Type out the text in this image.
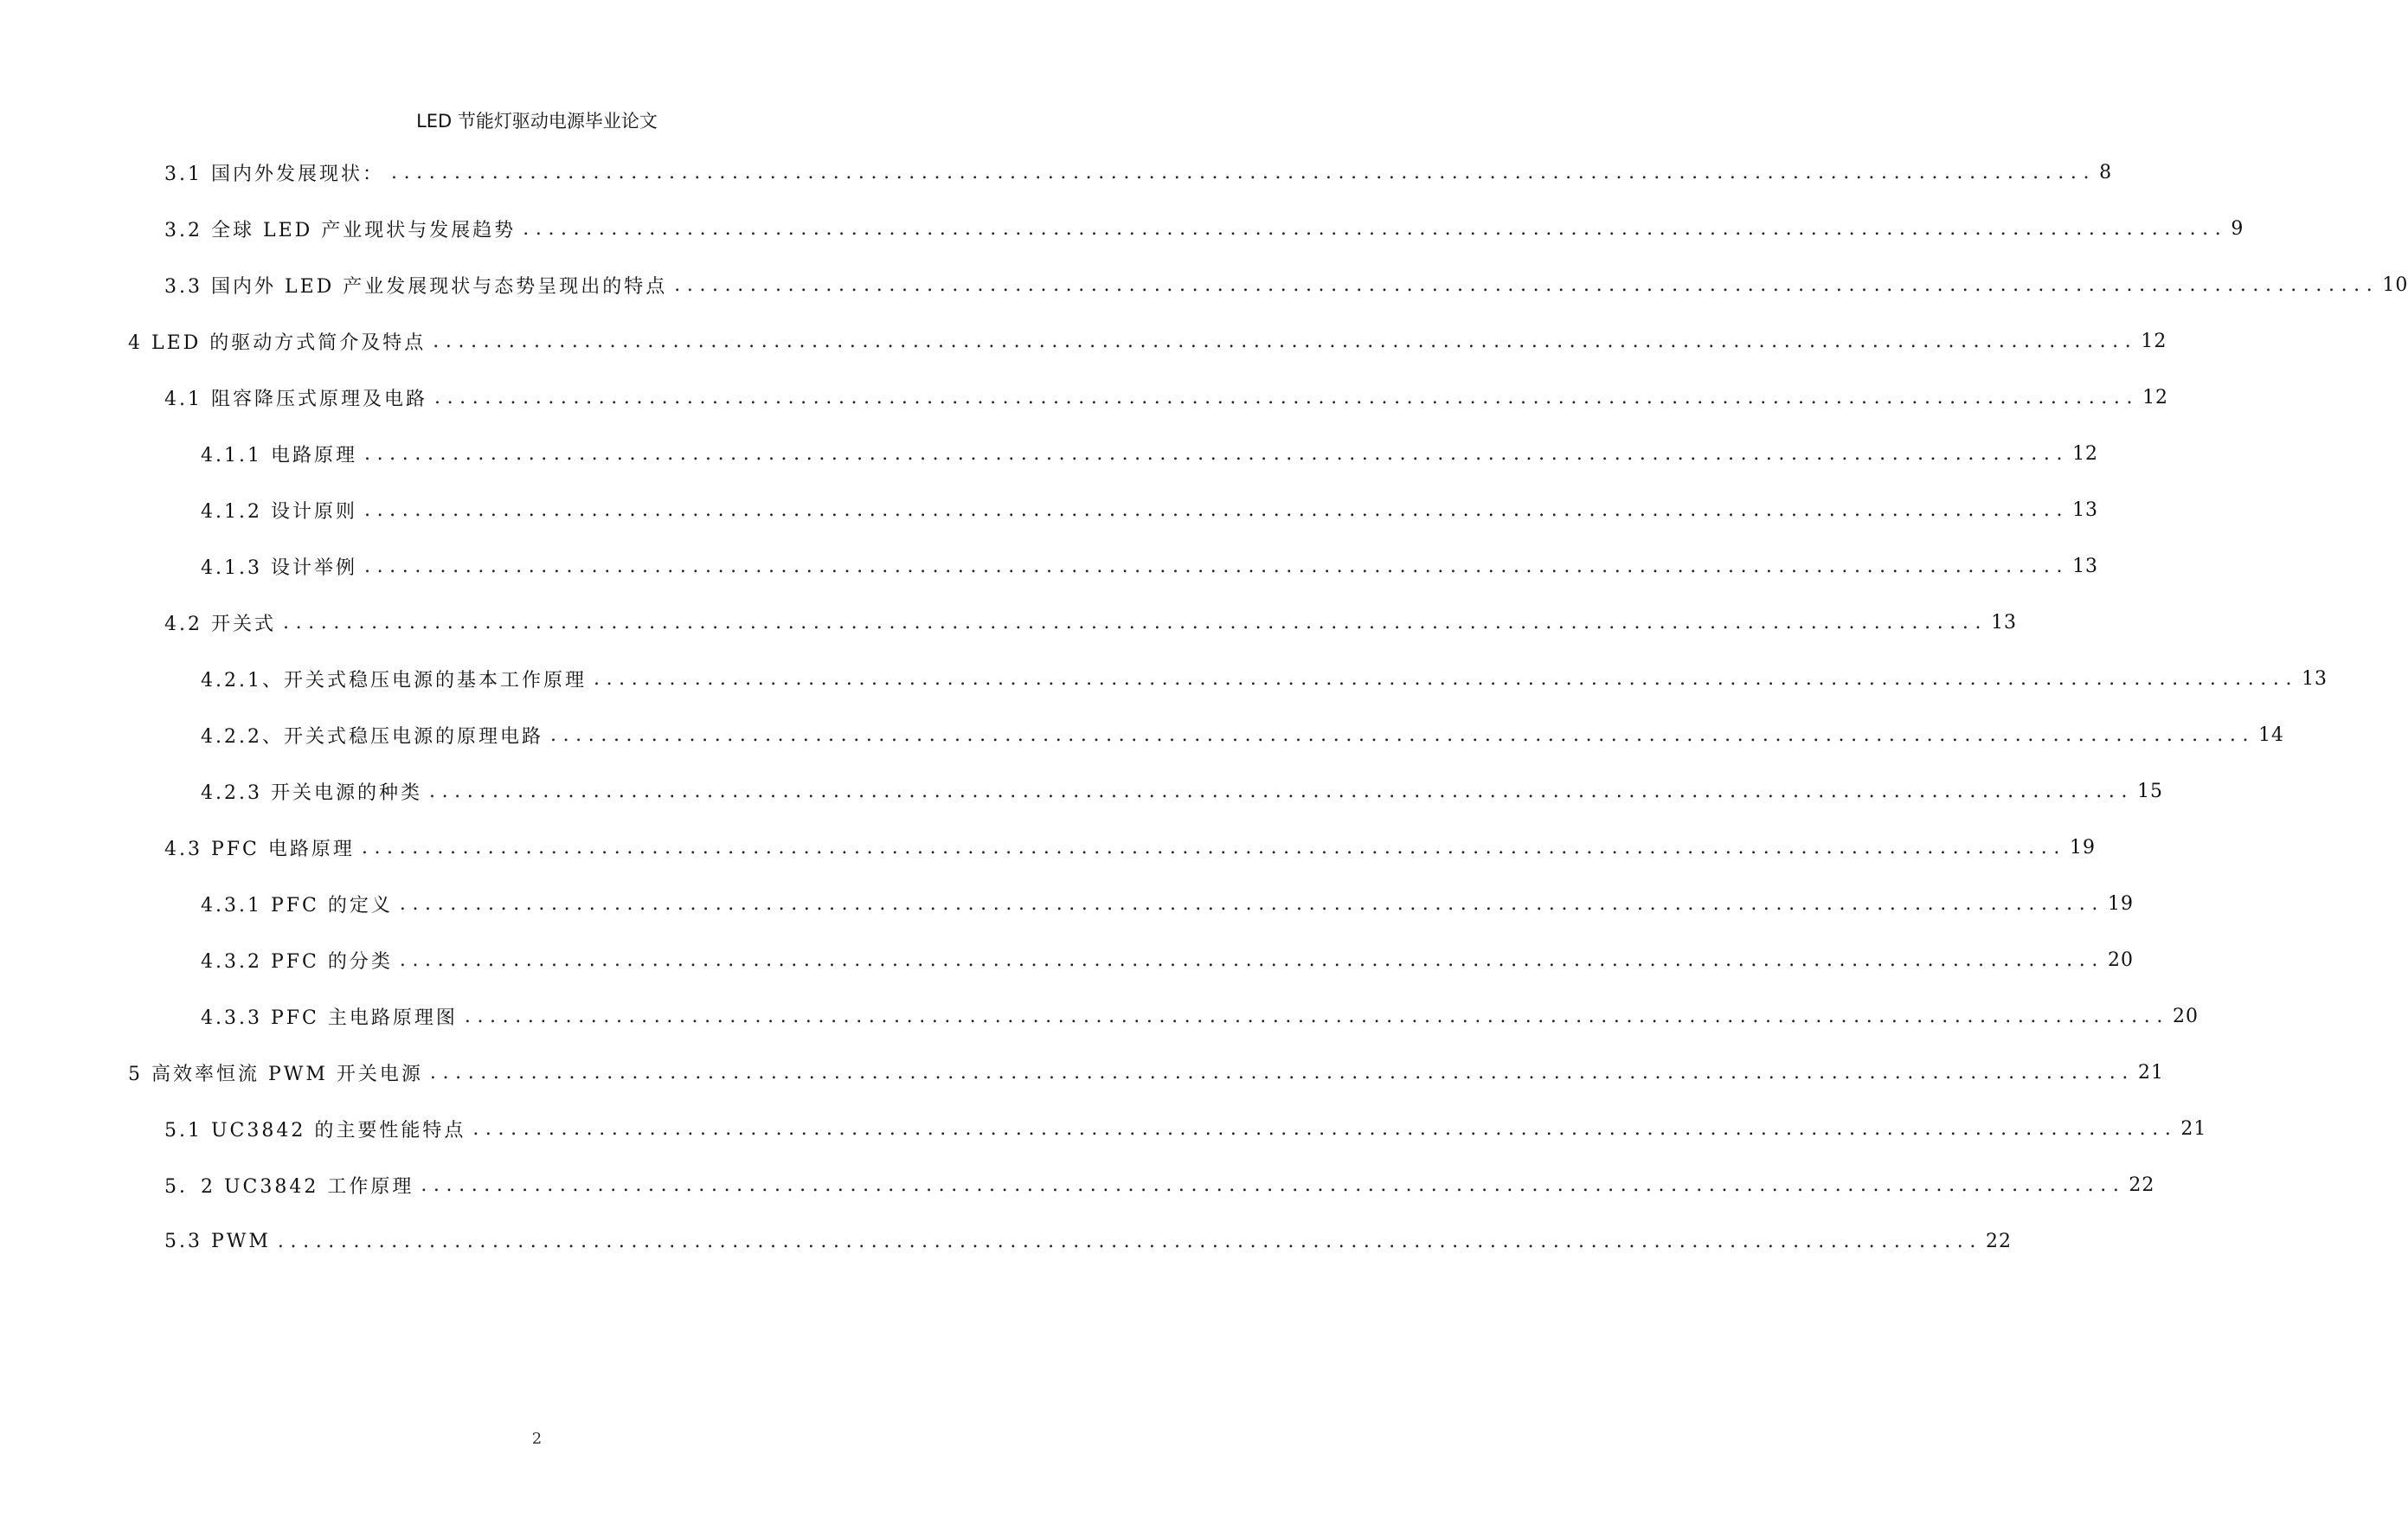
LED 节能灯驱动电源毕业论文
3.1 国内外发展现状： ....................................................................................................................................... 8
3.2 全球 LED 产业现状与发展趋势 ....................................................................................................................................... 9
3.3 国内外 LED 产业发展现状与态势呈现出的特点 ....................................................................................................................................... 10
4 LED 的驱动方式简介及特点 ....................................................................................................................................... 12
4.1 阻容降压式原理及电路 ....................................................................................................................................... 12
4.1.1 电路原理 ....................................................................................................................................... 12
4.1.2 设计原则 ....................................................................................................................................... 13
4.1.3 设计举例 ....................................................................................................................................... 13
4.2 开关式 ....................................................................................................................................... 13
4.2.1、开关式稳压电源的基本工作原理 ....................................................................................................................................... 13
4.2.2、开关式稳压电源的原理电路 ....................................................................................................................................... 14
4.2.3 开关电源的种类 ....................................................................................................................................... 15
4.3 PFC 电路原理 ....................................................................................................................................... 19
4.3.1 PFC 的定义 ....................................................................................................................................... 19
4.3.2 PFC 的分类 ....................................................................................................................................... 20
4.3.3 PFC 主电路原理图 ....................................................................................................................................... 20
5 高效率恒流 PWM 开关电源 ....................................................................................................................................... 21
5.1 UC3842 的主要性能特点 ....................................................................................................................................... 21
5．2 UC3842 工作原理 ....................................................................................................................................... 22
5.3 PWM ....................................................................................................................................... 22
2
